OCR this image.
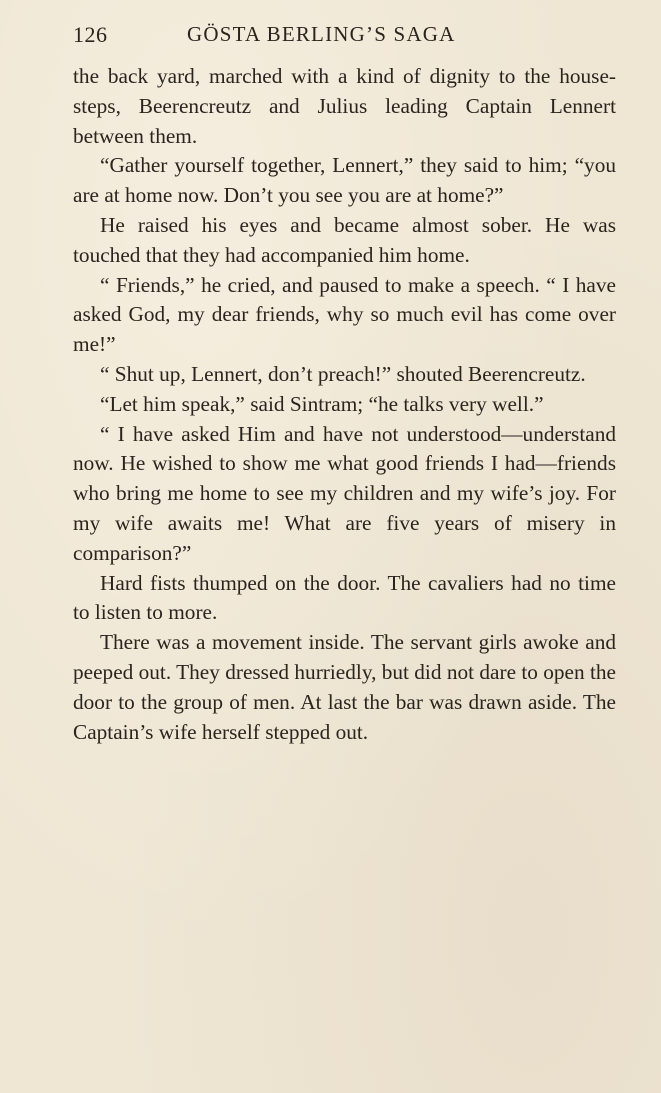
126	GÖSTA BERLING’S SAGA

the back yard, marched with a kind of dignity to the house-steps, Beerencreutz and Julius leading Captain Lennert between them.

“Gather yourself together, Lennert,” they said to him; “you are at home now. Don’t you see you are at home?”

He raised his eyes and became almost sober. He was touched that they had accompanied him home.

“ Friends,” he cried, and paused to make a speech. “ I have asked God, my dear friends, why so much evil has come over me!”

“ Shut up, Lennert, don’t preach!” shouted Beerencreutz.

“Let him speak,” said Sintram; “he talks very well.”

“ I have asked Him and have not understood—understand now. He wished to show me what good friends I had—friends who bring me home to see my children and my wife’s joy. For my wife awaits me! What are five years of misery in comparison?”

Hard fists thumped on the door. The cavaliers had no time to listen to more.

There was a movement inside. The servant girls awoke and peeped out. They dressed hurriedly, but did not dare to open the door to the group of men. At last the bar was drawn aside. The Captain’s wife herself stepped out.
